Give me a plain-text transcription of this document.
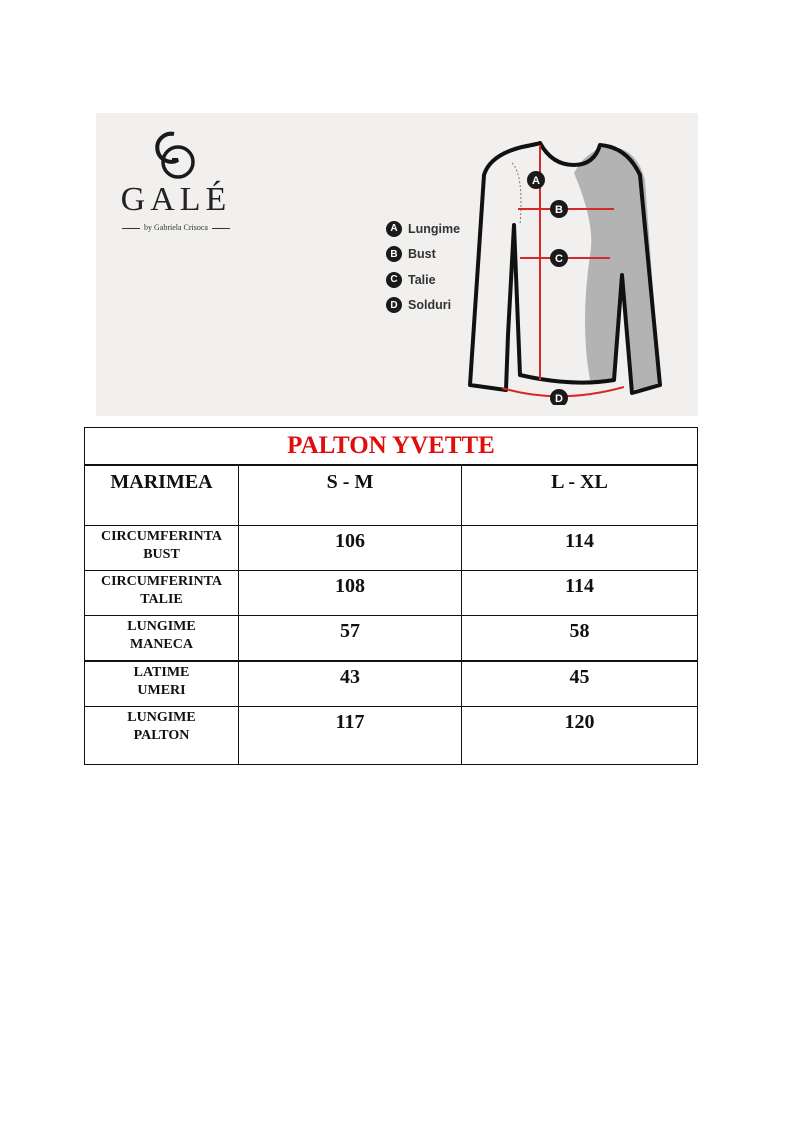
GALÉ
by Gabriela Crisoca	A Lungime
B Bust
C Talie
D Solduri
A
B
C
D
PALTON YVETTE		
MARIMEA	S - M	L - XL
CIRCUMFERINTA
BUST	106	114
CIRCUMFERINTA
TALIE	108	114
LUNGIME
MANECA	57	58
LATIME
UMERI	43	45
LUNGIME
PALTON	117	120
